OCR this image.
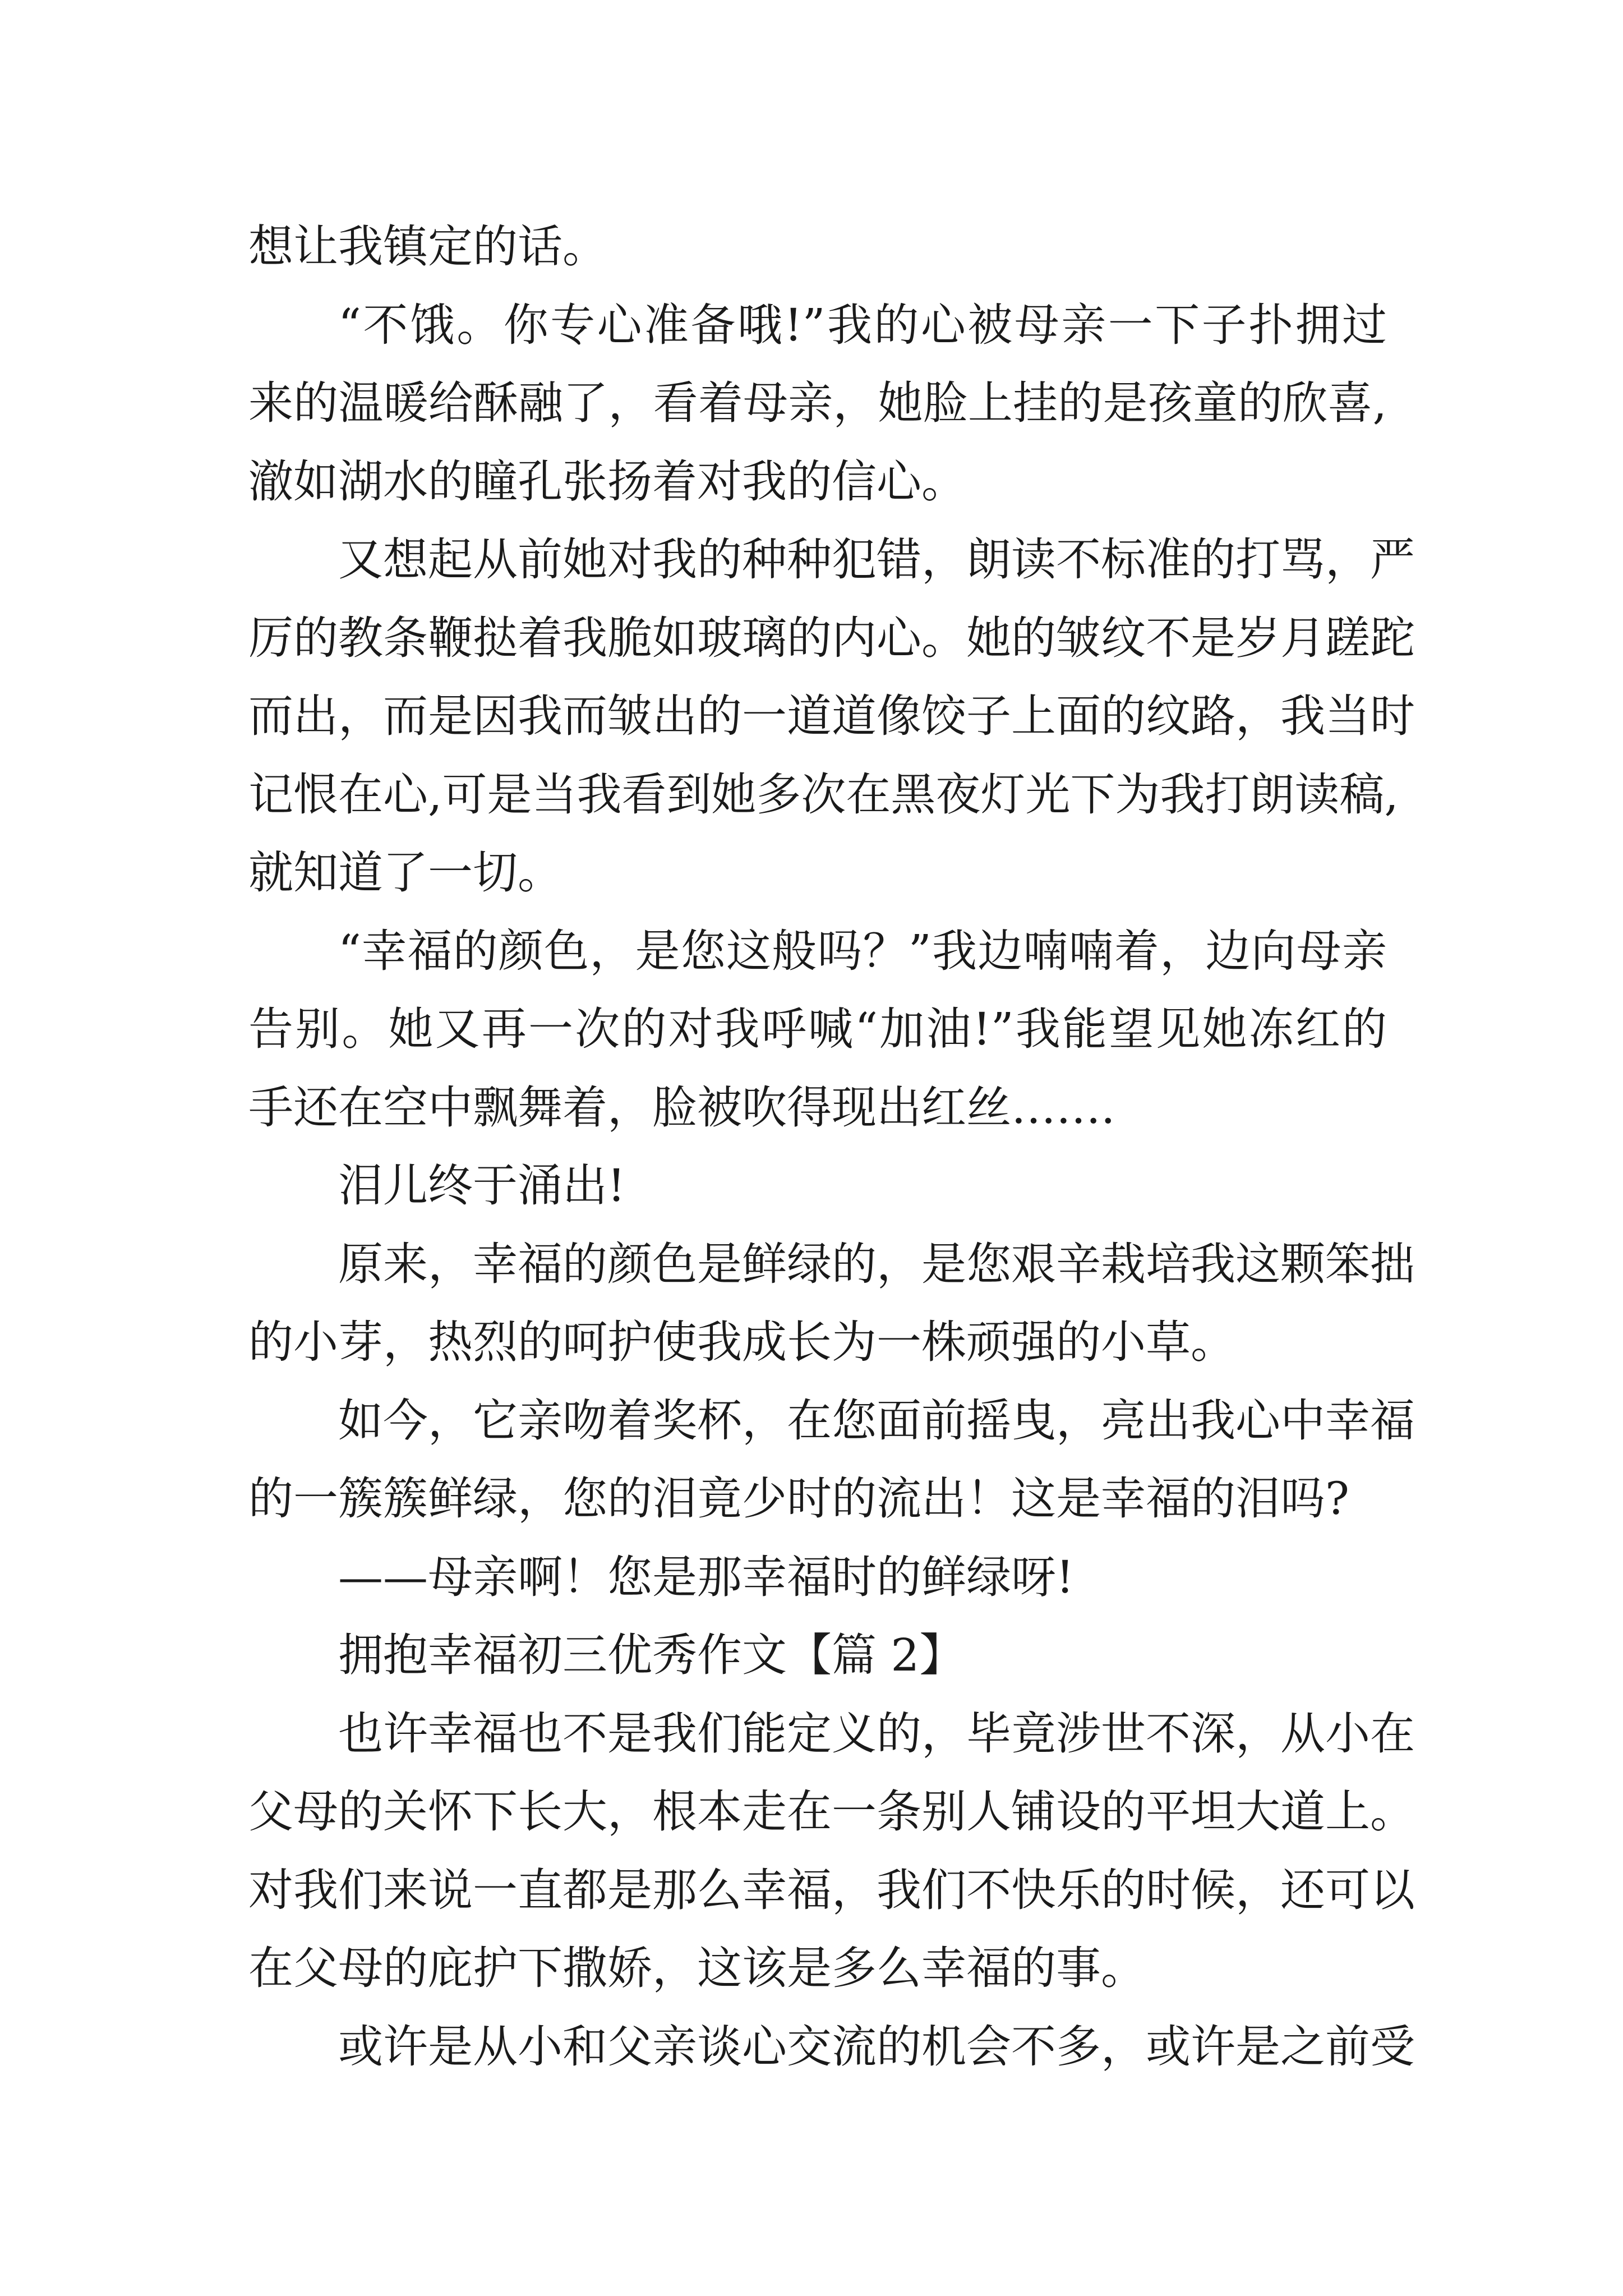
想让我镇定的话。
“不饿。你专心准备哦!”我的心被母亲一下子扑拥过
来的温暖给酥融了，看着母亲，她脸上挂的是孩童的欣喜,
澈如湖水的瞳孔张扬着对我的信心。
又想起从前她对我的种种犯错，朗读不标准的打骂，严
厉的教条鞭挞着我脆如玻璃的内心。她的皱纹不是岁月蹉跎
而出，而是因我而皱出的一道道像饺子上面的纹路，我当时
记恨在心,可是当我看到她多次在黑夜灯光下为我打朗读稿,
就知道了一切。
“幸福的颜色，是您这般吗？”我边喃喃着，边向母亲
告别。她又再一次的对我呼喊“加油!”我能望见她冻红的
手还在空中飘舞着，脸被吹得现出红丝…….
泪儿终于涌出!
原来，幸福的颜色是鲜绿的，是您艰辛栽培我这颗笨拙
的小芽，热烈的呵护使我成长为一株顽强的小草。
如今，它亲吻着奖杯，在您面前摇曳，亮出我心中幸福
的一簇簇鲜绿，您的泪竟少时的流出！这是幸福的泪吗?
——母亲啊！您是那幸福时的鲜绿呀!
拥抱幸福初三优秀作文【篇 2】
也许幸福也不是我们能定义的，毕竟涉世不深，从小在
父母的关怀下长大，根本走在一条别人铺设的平坦大道上。
对我们来说一直都是那么幸福，我们不快乐的时候，还可以
在父母的庇护下撒娇，这该是多么幸福的事。
或许是从小和父亲谈心交流的机会不多，或许是之前受
